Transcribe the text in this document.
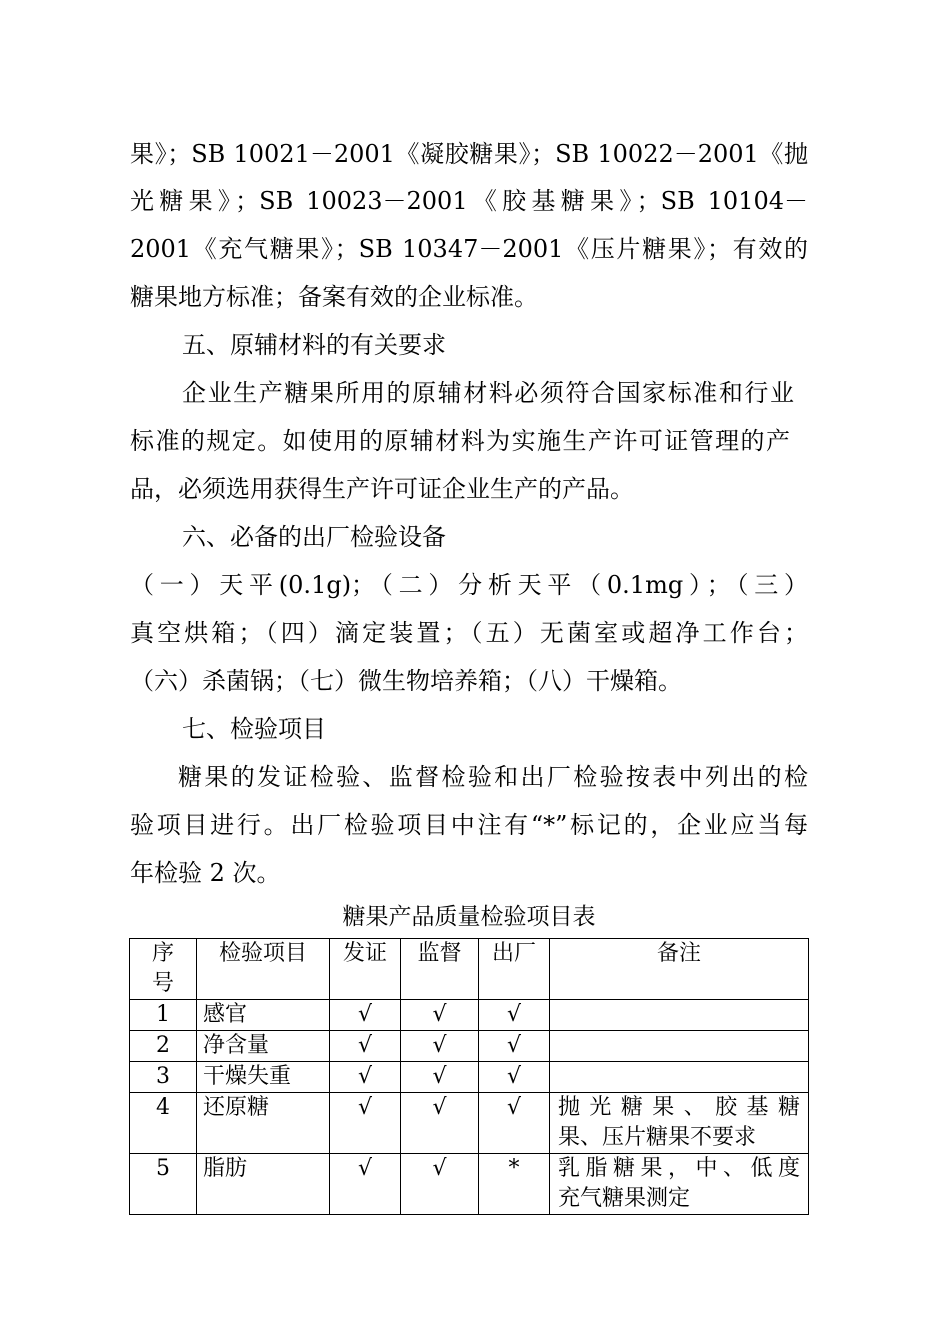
果》；SB 10021－2001《凝胶糖果》；SB 10022－2001《抛
光糖果》；SB 10023－2001《胶基糖果》；SB 10104－
2001《充气糖果》；SB 10347－2001《压片糖果》；有效的
糖果地方标准；备案有效的企业标准。
五、原辅材料的有关要求
企业生产糖果所用的原辅材料必须符合国家标准和行业
标准的规定。如使用的原辅材料为实施生产许可证管理的产
品，必须选用获得生产许可证企业生产的产品。
六、必备的出厂检验设备
（一）天平(0.1g)；（二）分析天平（0.1mg）；（三）
真空烘箱；（四）滴定装置；（五）无菌室或超净工作台；
（六）杀菌锅；（七）微生物培养箱；（八）干燥箱。
七、检验项目
糖果的发证检验、监督检验和出厂检验按表中列出的检
验项目进行。出厂检验项目中注有“*”标记的，企业应当每
年检验 2 次。
糖果产品质量检验项目表
序
号	检验项目	发证	监督	出厂	备注
1	感官	√	√	√	
2	净含量	√	√	√	
3	干燥失重	√	√	√	
4	还原糖	√	√	√	抛光糖果、胶基糖
果、压片糖果不要求

5	脂肪	√	√	*	乳脂糖果，中、低度
充气糖果测定
